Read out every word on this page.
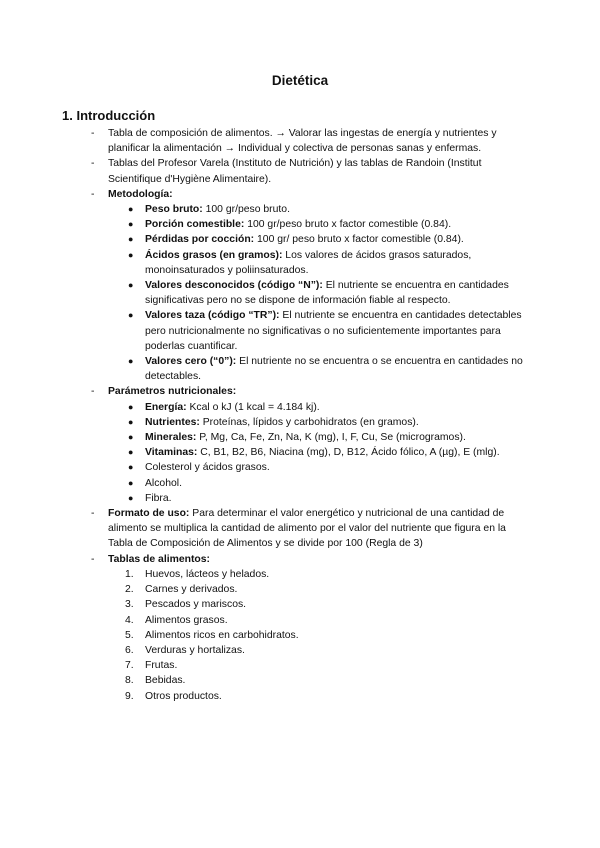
Dietética
1. Introducción
- Tabla de composición de alimentos. → Valorar las ingestas de energía y nutrientes y planificar la alimentación → Individual y colectiva de personas sanas y enfermas.
- Tablas del Profesor Varela (Instituto de Nutrición) y las tablas de Randoin (Institut Scientifique d'Hygiène Alimentaire).
- Metodología:
● Peso bruto: 100 gr/peso bruto.
● Porción comestible: 100 gr/peso bruto x factor comestible (0.84).
● Pérdidas por cocción: 100 gr/ peso bruto x factor comestible (0.84).
● Ácidos grasos (en gramos): Los valores de ácidos grasos saturados, monoinsaturados y poliinsaturados.
● Valores desconocidos (código “N”): El nutriente se encuentra en cantidades significativas pero no se dispone de información fiable al respecto.
● Valores taza (código “TR”): El nutriente se encuentra en cantidades detectables pero nutricionalmente no significativas o no suficientemente importantes para poderlas cuantificar.
● Valores cero (“0”): El nutriente no se encuentra o se encuentra en cantidades no detectables.
- Parámetros nutricionales:
● Energía: Kcal o kJ (1 kcal = 4.184 kj).
● Nutrientes: Proteínas, lípidos y carbohidratos (en gramos).
● Minerales: P, Mg, Ca, Fe, Zn, Na, K (mg), I, F, Cu, Se (microgramos).
● Vitaminas: C, B1, B2, B6, Niacina (mg), D, B12, Ácido fólico, A (µg), E (mlg).
● Colesterol y ácidos grasos.
● Alcohol.
● Fibra.
- Formato de uso: Para determinar el valor energético y nutricional de una cantidad de alimento se multiplica la cantidad de alimento por el valor del nutriente que figura en la Tabla de Composición de Alimentos y se divide por 100 (Regla de 3)
- Tablas de alimentos:
1. Huevos, lácteos y helados.
2. Carnes y derivados.
3. Pescados y mariscos.
4. Alimentos grasos.
5. Alimentos ricos en carbohidratos.
6. Verduras y hortalizas.
7. Frutas.
8. Bebidas.
9. Otros productos.
